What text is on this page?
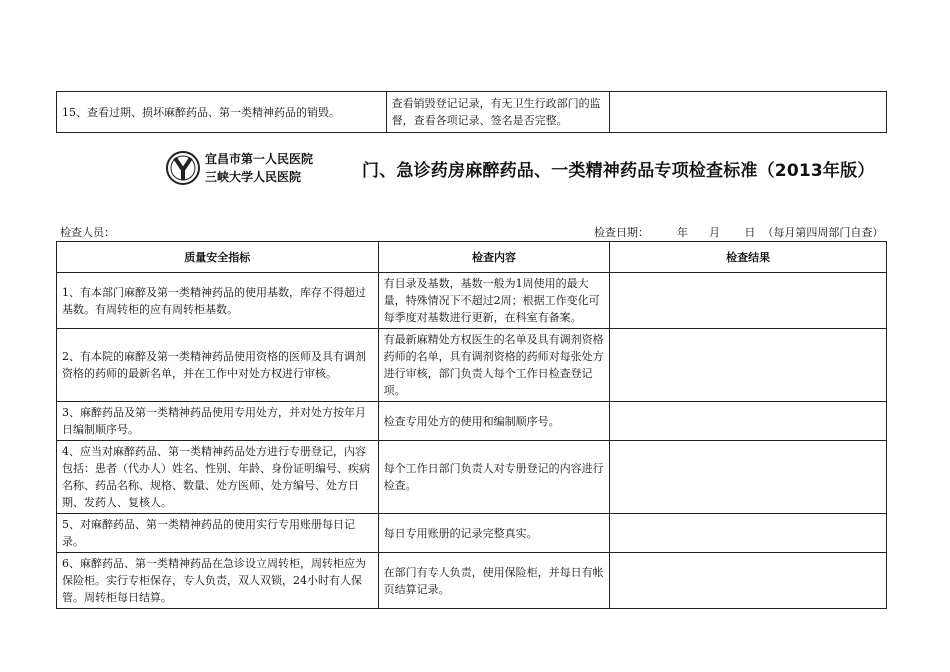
15、查看过期、损坏麻醉药品、第一类精神药品的销毁。	查看销毁登记记录，有无卫生行政部门的监督，查看各项记录、签名是否完整。	
宜昌市第一人民医院
三峡大学人民医院	门、急诊药房麻醉药品、一类精神药品专项检查标准（2013年版）
检查人员：	检查日期：        年      月       日  （每月第四周部门自查）
质量安全指标	检查内容	检查结果
1、有本部门麻醉及第一类精神药品的使用基数，库存不得超过基数。有周转柜的应有周转柜基数。	有目录及基数，基数一般为1周使用的最大量，特殊情况下不超过2周；根据工作变化可每季度对基数进行更新，在科室有备案。	
2、有本院的麻醉及第一类精神药品使用资格的医师及具有调剂资格的药师的最新名单，并在工作中对处方权进行审核。	有最新麻精处方权医生的名单及具有调剂资格药师的名单，具有调剂资格的药师对每张处方进行审核，部门负责人每个工作日检查登记项。	
3、麻醉药品及第一类精神药品使用专用处方，并对处方按年月日编制顺序号。	检查专用处方的使用和编制顺序号。	
4、应当对麻醉药品、第一类精神药品处方进行专册登记，内容包括：患者（代办人）姓名、性别、年龄、身份证明编号、疾病名称、药品名称、规格、数量、处方医师、处方编号、处方日期、发药人、复核人。	每个工作日部门负责人对专册登记的内容进行检查。	
5、对麻醉药品、第一类精神药品的使用实行专用账册每日记录。	每日专用账册的记录完整真实。	
6、麻醉药品、第一类精神药品在急诊设立周转柜，周转柜应为保险柜。实行专柜保存，专人负责，双人双锁，24小时有人保管。周转柜每日结算。	在部门有专人负责，使用保险柜，并每日有帐页结算记录。	
